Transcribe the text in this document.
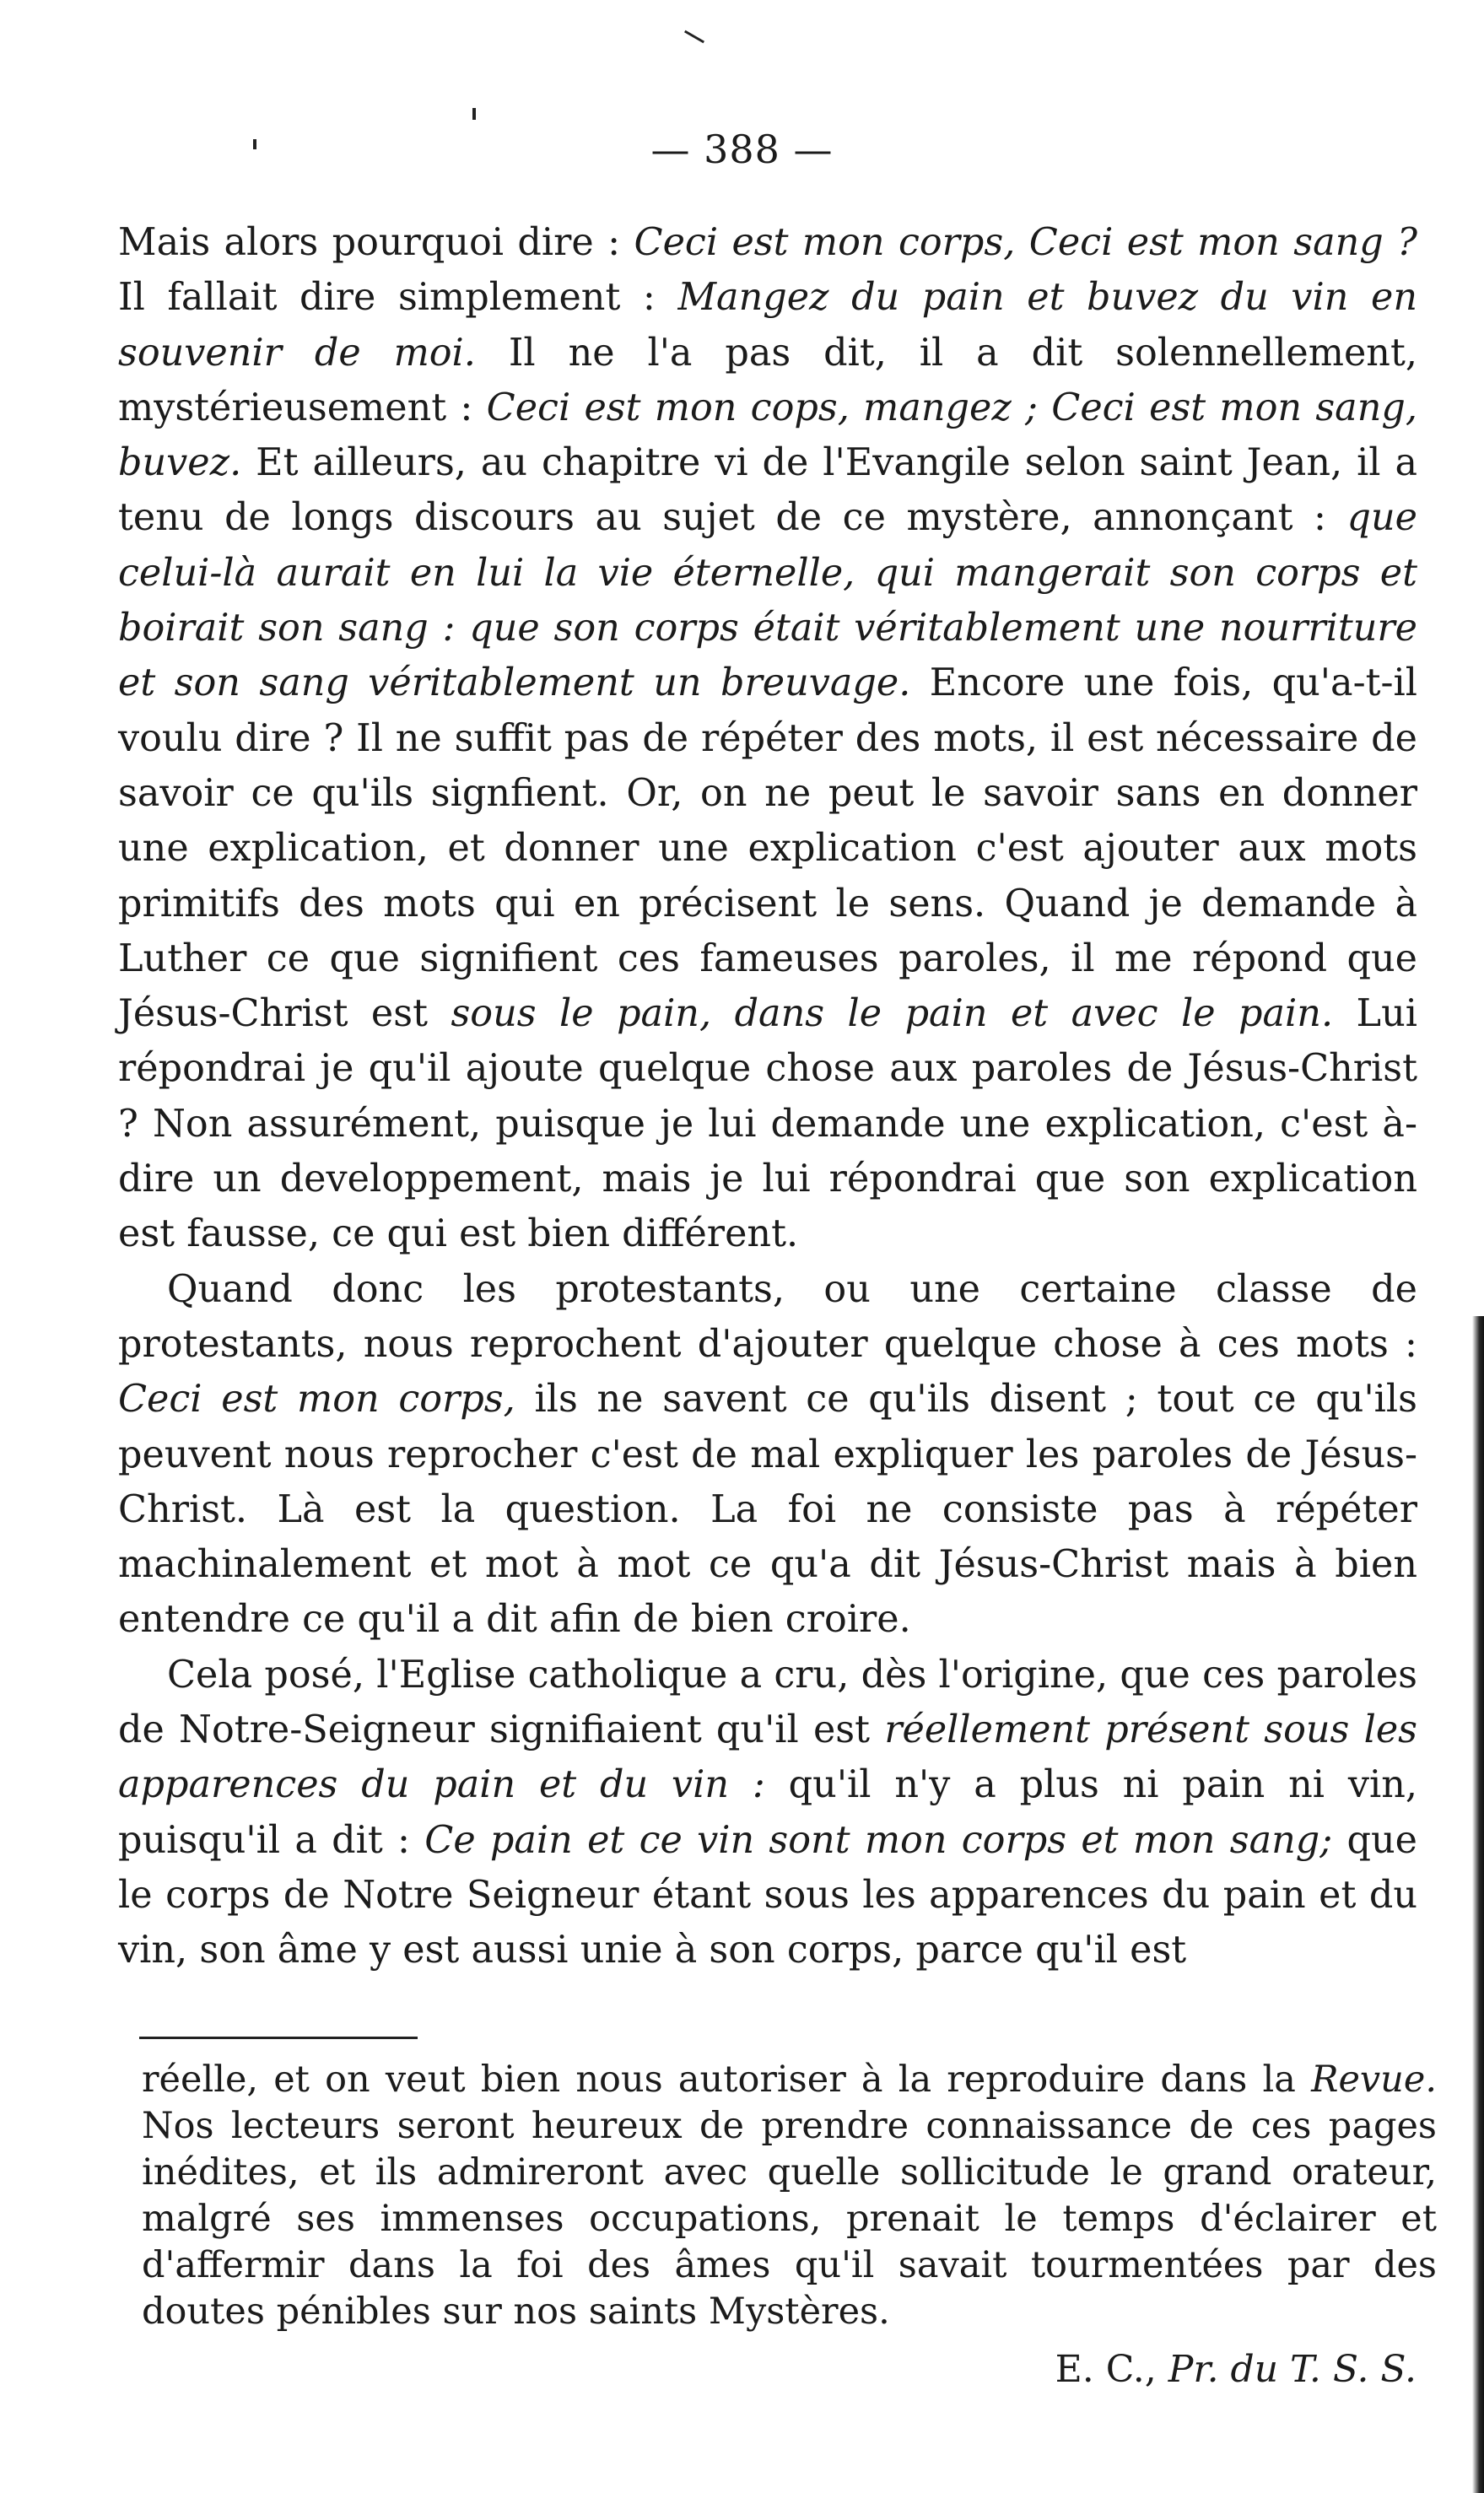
— 388 —

Mais alors pourquoi dire : Ceci est mon corps, Ceci est mon sang ? Il fallait dire simplement : Mangez du pain et buvez du vin en souvenir de moi. Il ne l'a pas dit, il a dit solennellement, mystérieusement : Ceci est mon cops, mangez ; Ceci est mon sang, buvez. Et ailleurs, au chapitre vi de l'Evangile selon saint Jean, il a tenu de longs discours au sujet de ce mystère, annonçant : que celui-là aurait en lui la vie éternelle, qui mangerait son corps et boirait son sang : que son corps était véritablement une nourriture et son sang véritablement un breuvage. Encore une fois, qu'a-t-il voulu dire ? Il ne suffit pas de répéter des mots, il est nécessaire de savoir ce qu'ils signfient. Or, on ne peut le savoir sans en donner une explication, et donner une explication c'est ajouter aux mots primitifs des mots qui en précisent le sens. Quand je demande à Luther ce que signifient ces fameuses paroles, il me répond que Jésus-Christ est sous le pain, dans le pain et avec le pain. Lui répondrai je qu'il ajoute quelque chose aux paroles de Jésus-Christ ? Non assurément, puisque je lui demande une explication, c'est à-dire un developpement, mais je lui répondrai que son explication est fausse, ce qui est bien différent.

Quand donc les protestants, ou une certaine classe de protestants, nous reprochent d'ajouter quelque chose à ces mots : Ceci est mon corps, ils ne savent ce qu'ils disent ; tout ce qu'ils peuvent nous reprocher c'est de mal expliquer les paroles de Jésus-Christ. Là est la question. La foi ne consiste pas à répéter machinalement et mot à mot ce qu'a dit Jésus-Christ mais à bien entendre ce qu'il a dit afin de bien croire.

Cela posé, l'Eglise catholique a cru, dès l'origine, que ces paroles de Notre-Seigneur signifiaient qu'il est réellement présent sous les apparences du pain et du vin : qu'il n'y a plus ni pain ni vin, puisqu'il a dit : Ce pain et ce vin sont mon corps et mon sang; que le corps de Notre Seigneur étant sous les apparences du pain et du vin, son âme y est aussi unie à son corps, parce qu'il est

réelle, et on veut bien nous autoriser à la reproduire dans la Revue. Nos lecteurs seront heureux de prendre connaissance de ces pages inédites, et ils admireront avec quelle sollicitude le grand orateur, malgré ses immenses occupations, prenait le temps d'éclairer et d'affermir dans la foi des âmes qu'il savait tourmentées par des doutes pénibles sur nos saints Mystères.

E. C., Pr. du T. S. S.
